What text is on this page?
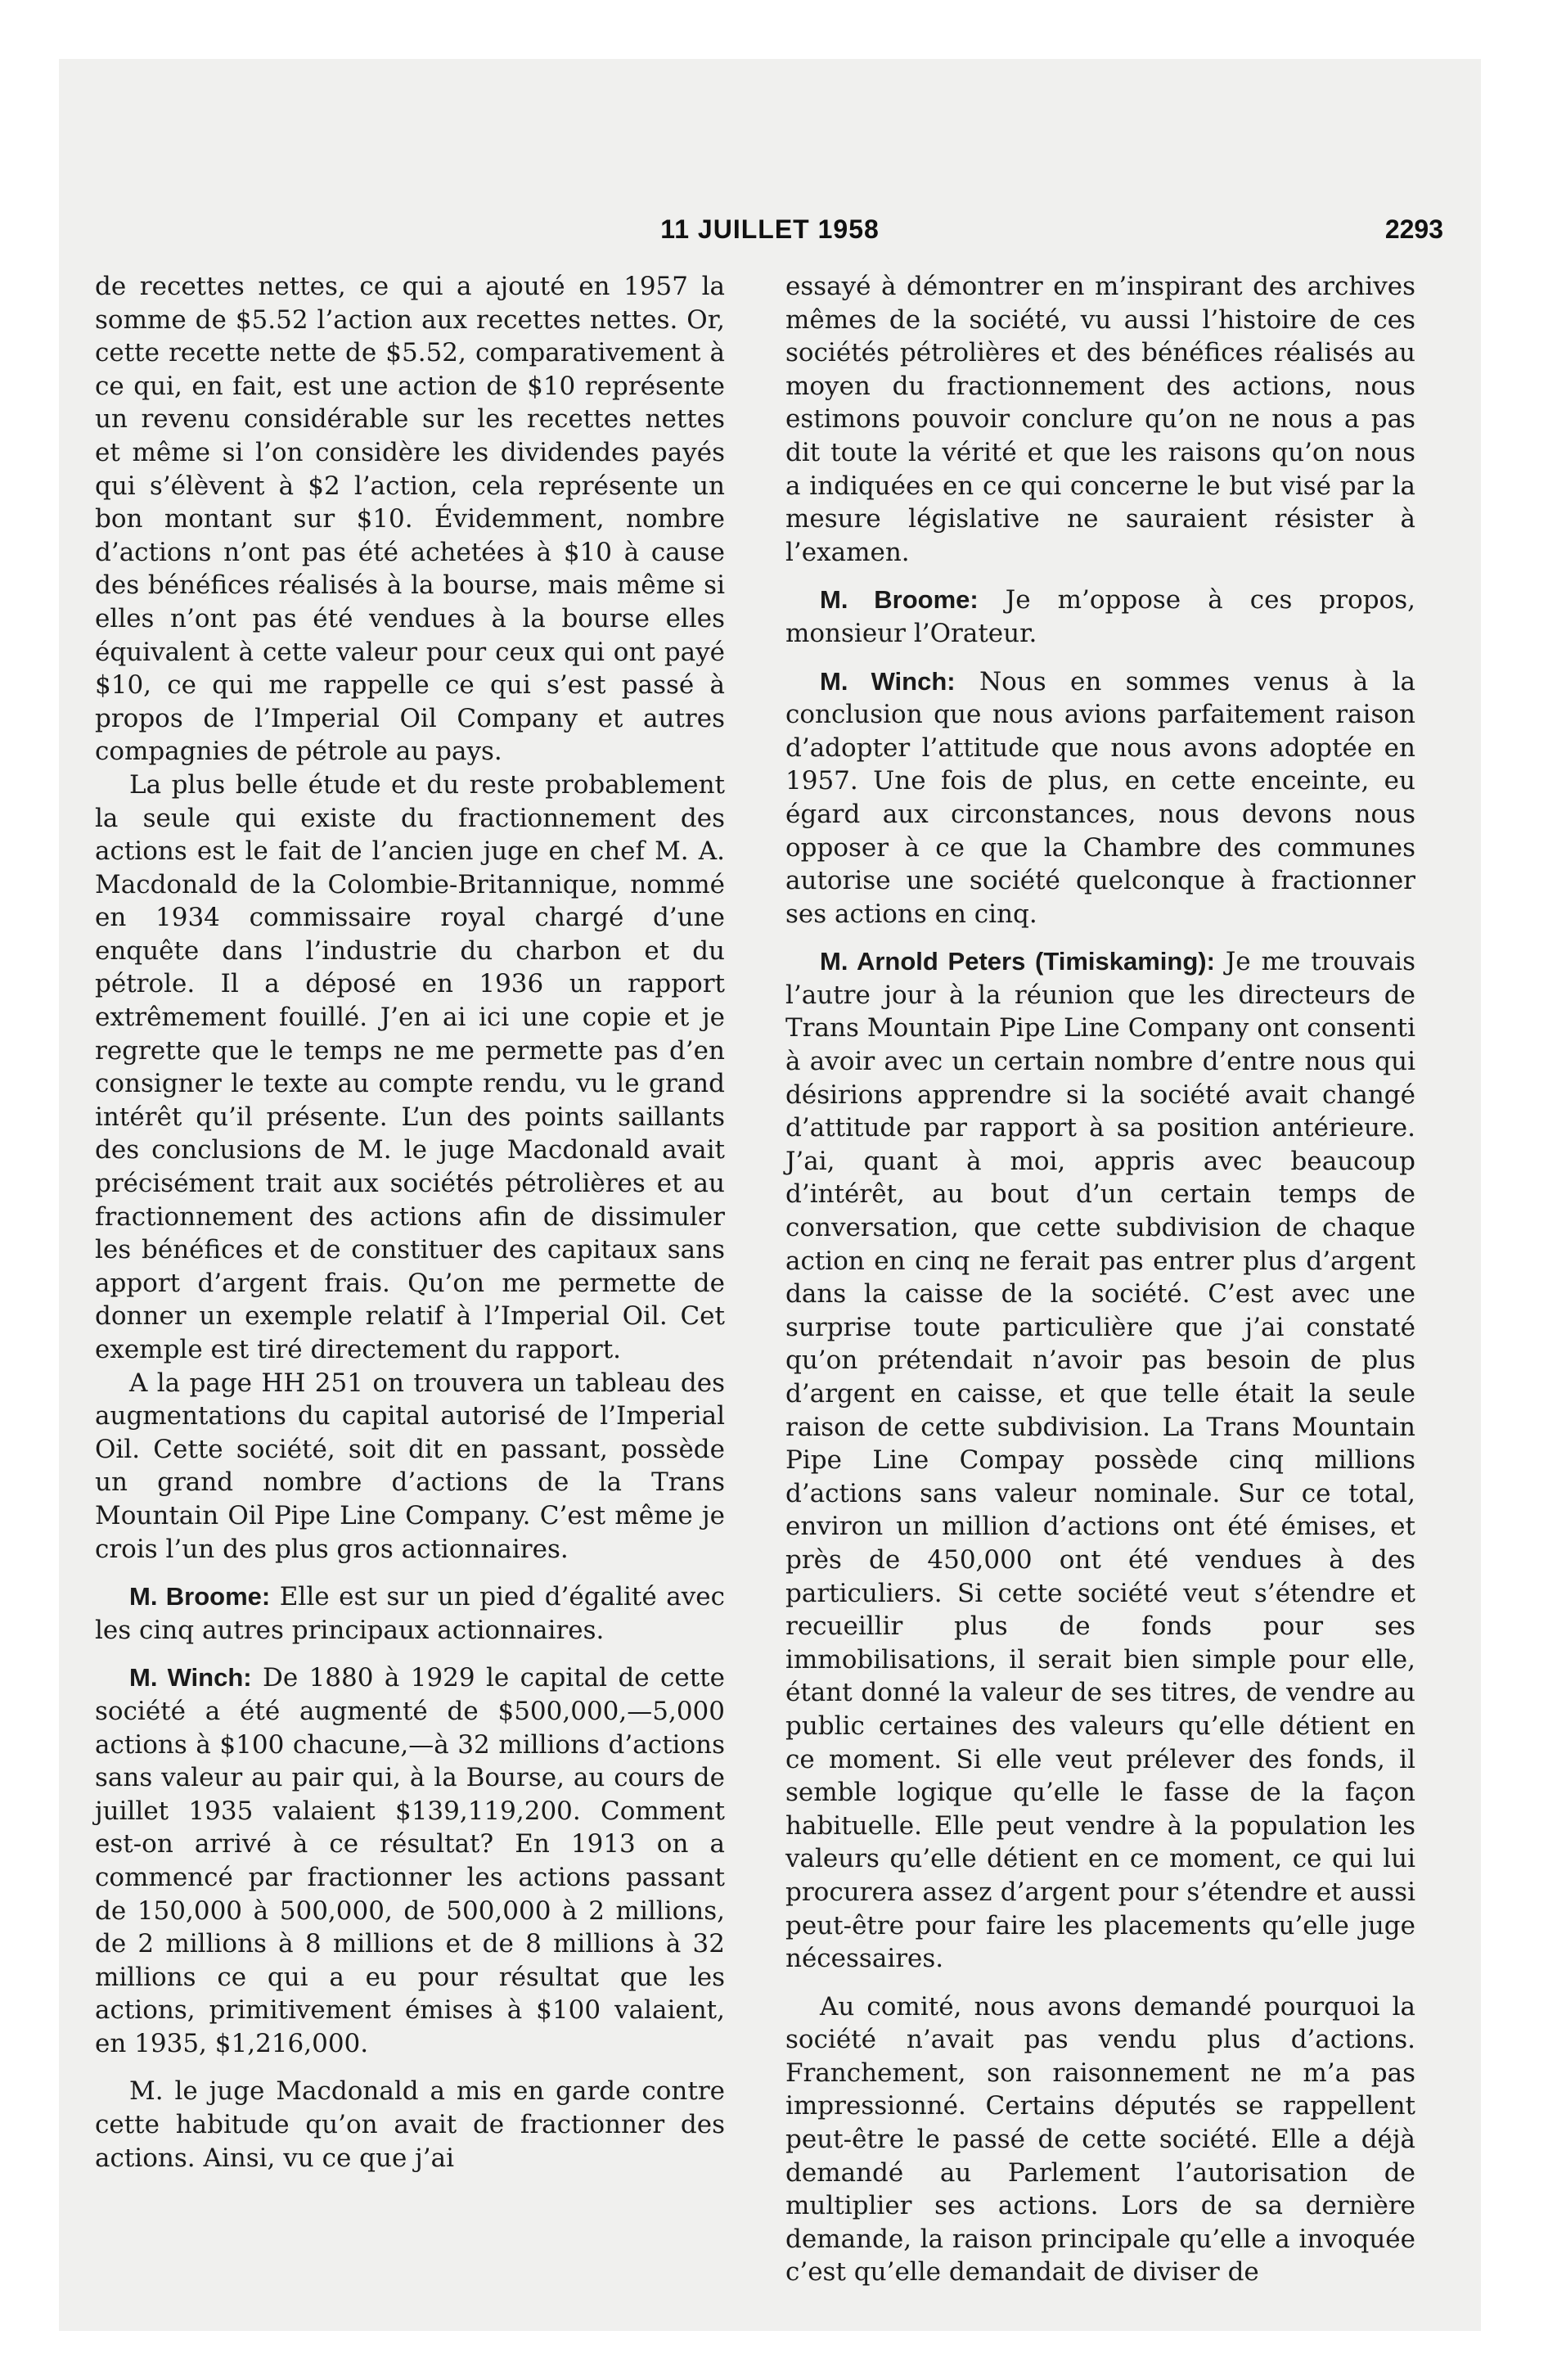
11 JUILLET 1958	2293

de recettes nettes, ce qui a ajouté en 1957 la somme de $5.52 l’action aux recettes nettes. Or, cette recette nette de $5.52, comparativement à ce qui, en fait, est une action de $10 représente un revenu considérable sur les recettes nettes et même si l’on considère les dividendes payés qui s’élèvent à $2 l’action, cela représente un bon montant sur $10. Évidemment, nombre d’actions n’ont pas été achetées à $10 à cause des bénéfices réalisés à la bourse, mais même si elles n’ont pas été vendues à la bourse elles équivalent à cette valeur pour ceux qui ont payé $10, ce qui me rappelle ce qui s’est passé à propos de l’Imperial Oil Company et autres compagnies de pétrole au pays.

La plus belle étude et du reste probablement la seule qui existe du fractionnement des actions est le fait de l’ancien juge en chef M. A. Macdonald de la Colombie-Britannique, nommé en 1934 commissaire royal chargé d’une enquête dans l’industrie du charbon et du pétrole. Il a déposé en 1936 un rapport extrêmement fouillé. J’en ai ici une copie et je regrette que le temps ne me permette pas d’en consigner le texte au compte rendu, vu le grand intérêt qu’il présente. L’un des points saillants des conclusions de M. le juge Macdonald avait précisément trait aux sociétés pétrolières et au fractionnement des actions afin de dissimuler les bénéfices et de constituer des capitaux sans apport d’argent frais. Qu’on me permette de donner un exemple relatif à l’Imperial Oil. Cet exemple est tiré directement du rapport.

A la page HH 251 on trouvera un tableau des augmentations du capital autorisé de l’Imperial Oil. Cette société, soit dit en passant, possède un grand nombre d’actions de la Trans Mountain Oil Pipe Line Company. C’est même je crois l’un des plus gros actionnaires.

M. Broome: Elle est sur un pied d’égalité avec les cinq autres principaux actionnaires.

M. Winch: De 1880 à 1929 le capital de cette société a été augmenté de $500,000,—5,000 actions à $100 chacune,—à 32 millions d’actions sans valeur au pair qui, à la Bourse, au cours de juillet 1935 valaient $139,119,200. Comment est-on arrivé à ce résultat? En 1913 on a commencé par fractionner les actions passant de 150,000 à 500,000, de 500,000 à 2 millions, de 2 millions à 8 millions et de 8 millions à 32 millions ce qui a eu pour résultat que les actions, primitivement émises à $100 valaient, en 1935, $1,216,000.

M. le juge Macdonald a mis en garde contre cette habitude qu’on avait de fractionner des actions. Ainsi, vu ce que j’ai

essayé à démontrer en m’inspirant des archives mêmes de la société, vu aussi l’histoire de ces sociétés pétrolières et des bénéfices réalisés au moyen du fractionnement des actions, nous estimons pouvoir conclure qu’on ne nous a pas dit toute la vérité et que les raisons qu’on nous a indiquées en ce qui concerne le but visé par la mesure législative ne sauraient résister à l’examen.

M. Broome: Je m’oppose à ces propos, monsieur l’Orateur.

M. Winch: Nous en sommes venus à la conclusion que nous avions parfaitement raison d’adopter l’attitude que nous avons adoptée en 1957. Une fois de plus, en cette enceinte, eu égard aux circonstances, nous devons nous opposer à ce que la Chambre des communes autorise une société quelconque à fractionner ses actions en cinq.

M. Arnold Peters (Timiskaming): Je me trouvais l’autre jour à la réunion que les directeurs de Trans Mountain Pipe Line Company ont consenti à avoir avec un certain nombre d’entre nous qui désirions apprendre si la société avait changé d’attitude par rapport à sa position antérieure. J’ai, quant à moi, appris avec beaucoup d’intérêt, au bout d’un certain temps de conversation, que cette subdivision de chaque action en cinq ne ferait pas entrer plus d’argent dans la caisse de la société. C’est avec une surprise toute particulière que j’ai constaté qu’on prétendait n’avoir pas besoin de plus d’argent en caisse, et que telle était la seule raison de cette subdivision. La Trans Mountain Pipe Line Compay possède cinq millions d’actions sans valeur nominale. Sur ce total, environ un million d’actions ont été émises, et près de 450,000 ont été vendues à des particuliers. Si cette société veut s’étendre et recueillir plus de fonds pour ses immobilisations, il serait bien simple pour elle, étant donné la valeur de ses titres, de vendre au public certaines des valeurs qu’elle détient en ce moment. Si elle veut prélever des fonds, il semble logique qu’elle le fasse de la façon habituelle. Elle peut vendre à la population les valeurs qu’elle détient en ce moment, ce qui lui procurera assez d’argent pour s’étendre et aussi peut-être pour faire les placements qu’elle juge nécessaires.

Au comité, nous avons demandé pourquoi la société n’avait pas vendu plus d’actions. Franchement, son raisonnement ne m’a pas impressionné. Certains députés se rappellent peut-être le passé de cette société. Elle a déjà demandé au Parlement l’autorisation de multiplier ses actions. Lors de sa dernière demande, la raison principale qu’elle a invoquée c’est qu’elle demandait de diviser de
